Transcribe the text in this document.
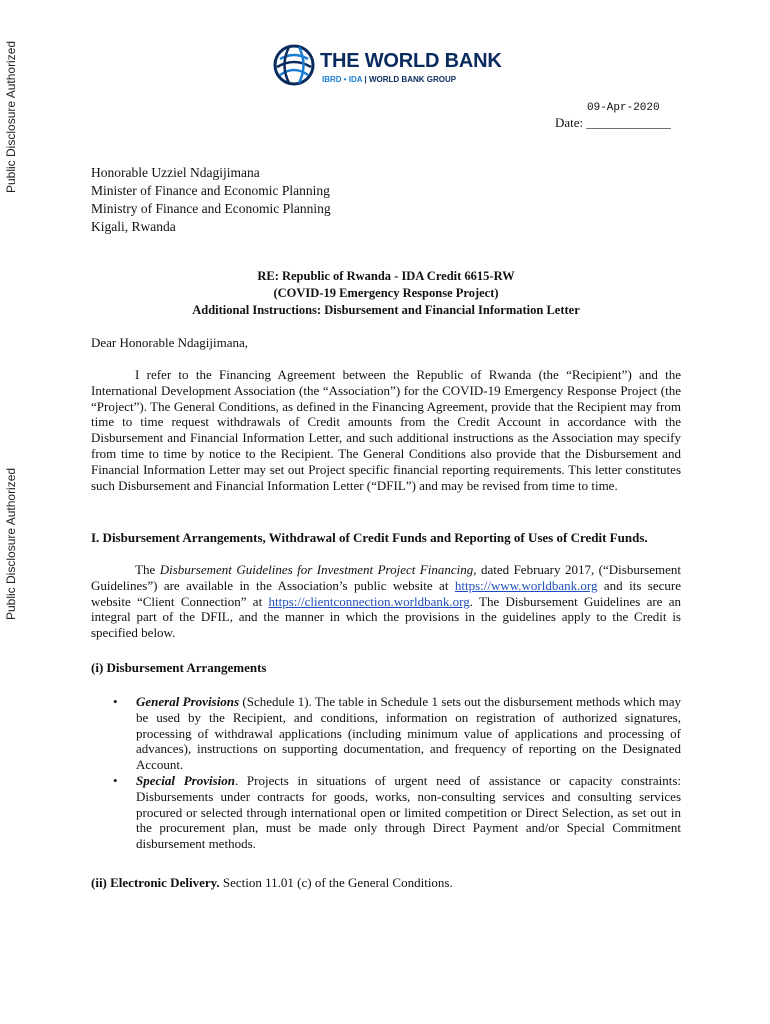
Public Disclosure Authorized
Public Disclosure Authorized
THE WORLD BANK
IBRD • IDA | WORLD BANK GROUP
09-Apr-2020
Date: _____________
Honorable Uzziel Ndagijimana
Minister of Finance and Economic Planning
Ministry of Finance and Economic Planning
Kigali, Rwanda
RE: Republic of Rwanda - IDA Credit 6615-RW
(COVID-19 Emergency Response Project)
Additional Instructions: Disbursement and Financial Information Letter
Dear Honorable Ndagijimana,
I refer to the Financing Agreement between the Republic of Rwanda (the “Recipient”) and the International Development Association (the “Association”) for the COVID-19 Emergency Response Project (the “Project”). The General Conditions, as defined in the Financing Agreement, provide that the Recipient may from time to time request withdrawals of Credit amounts from the Credit Account in accordance with the Disbursement and Financial Information Letter, and such additional instructions as the Association may specify from time to time by notice to the Recipient. The General Conditions also provide that the Disbursement and Financial Information Letter may set out Project specific financial reporting requirements. This letter constitutes such Disbursement and Financial Information Letter (“DFIL”) and may be revised from time to time.
I. Disbursement Arrangements, Withdrawal of Credit Funds and Reporting of Uses of Credit Funds.
The Disbursement Guidelines for Investment Project Financing, dated February 2017, (“Disbursement Guidelines”) are available in the Association’s public website at https://www.worldbank.org and its secure website “Client Connection” at https://clientconnection.worldbank.org. The Disbursement Guidelines are an integral part of the DFIL, and the manner in which the provisions in the guidelines apply to the Credit is specified below.
(i) Disbursement Arrangements
• General Provisions (Schedule 1). The table in Schedule 1 sets out the disbursement methods which may be used by the Recipient, and conditions, information on registration of authorized signatures, processing of withdrawal applications (including minimum value of applications and processing of advances), instructions on supporting documentation, and frequency of reporting on the Designated Account.
• Special Provision. Projects in situations of urgent need of assistance or capacity constraints: Disbursements under contracts for goods, works, non-consulting services and consulting services procured or selected through international open or limited competition or Direct Selection, as set out in the procurement plan, must be made only through Direct Payment and/or Special Commitment disbursement methods.
(ii) Electronic Delivery. Section 11.01 (c) of the General Conditions.
